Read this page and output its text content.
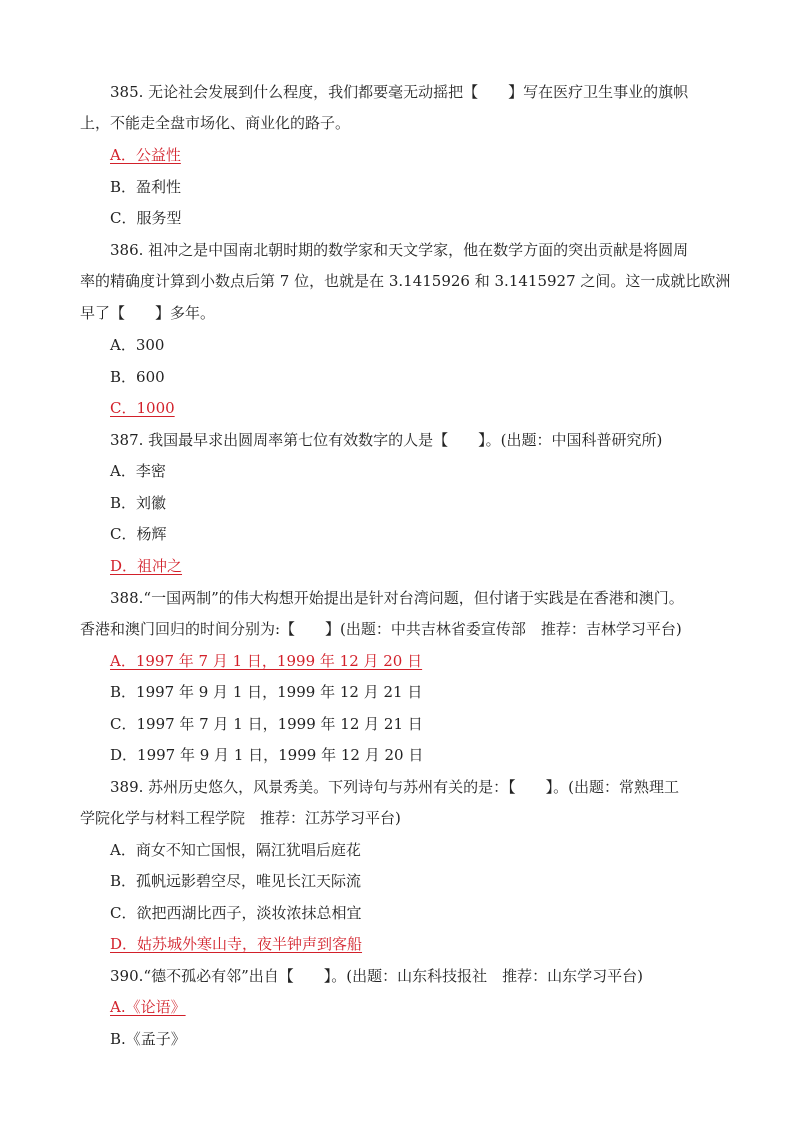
385. 无论社会发展到什么程度，我们都要毫无动摇把【　　】写在医疗卫生事业的旗帜
上，不能走全盘市场化、商业化的路子。
A．公益性
B．盈利性
C．服务型
386. 祖冲之是中国南北朝时期的数学家和天文学家，他在数学方面的突出贡献是将圆周
率的精确度计算到小数点后第 7 位，也就是在 3.1415926 和 3.1415927 之间。这一成就比欧洲
早了【　　】多年。
A．300
B．600
C．1000
387. 我国最早求出圆周率第七位有效数字的人是【　　】。(出题：中国科普研究所)
A．李密
B．刘徽
C．杨辉
D．祖冲之
388.“一国两制”的伟大构想开始提出是针对台湾问题，但付诸于实践是在香港和澳门。
香港和澳门回归的时间分别为:【　　】(出题：中共吉林省委宣传部　推荐：吉林学习平台)
A．1997 年 7 月 1 日，1999 年 12 月 20 日
B．1997 年 9 月 1 日，1999 年 12 月 21 日
C．1997 年 7 月 1 日，1999 年 12 月 21 日
D．1997 年 9 月 1 日，1999 年 12 月 20 日
389. 苏州历史悠久，风景秀美。下列诗句与苏州有关的是：【　　】。(出题：常熟理工
学院化学与材料工程学院　推荐：江苏学习平台)
A．商女不知亡国恨，隔江犹唱后庭花
B．孤帆远影碧空尽，唯见长江天际流
C．欲把西湖比西子，淡妆浓抹总相宜
D．姑苏城外寒山寺，夜半钟声到客船
390.“德不孤必有邻”出自【　　】。(出题：山东科技报社　推荐：山东学习平台)
A.《论语》
B.《孟子》
